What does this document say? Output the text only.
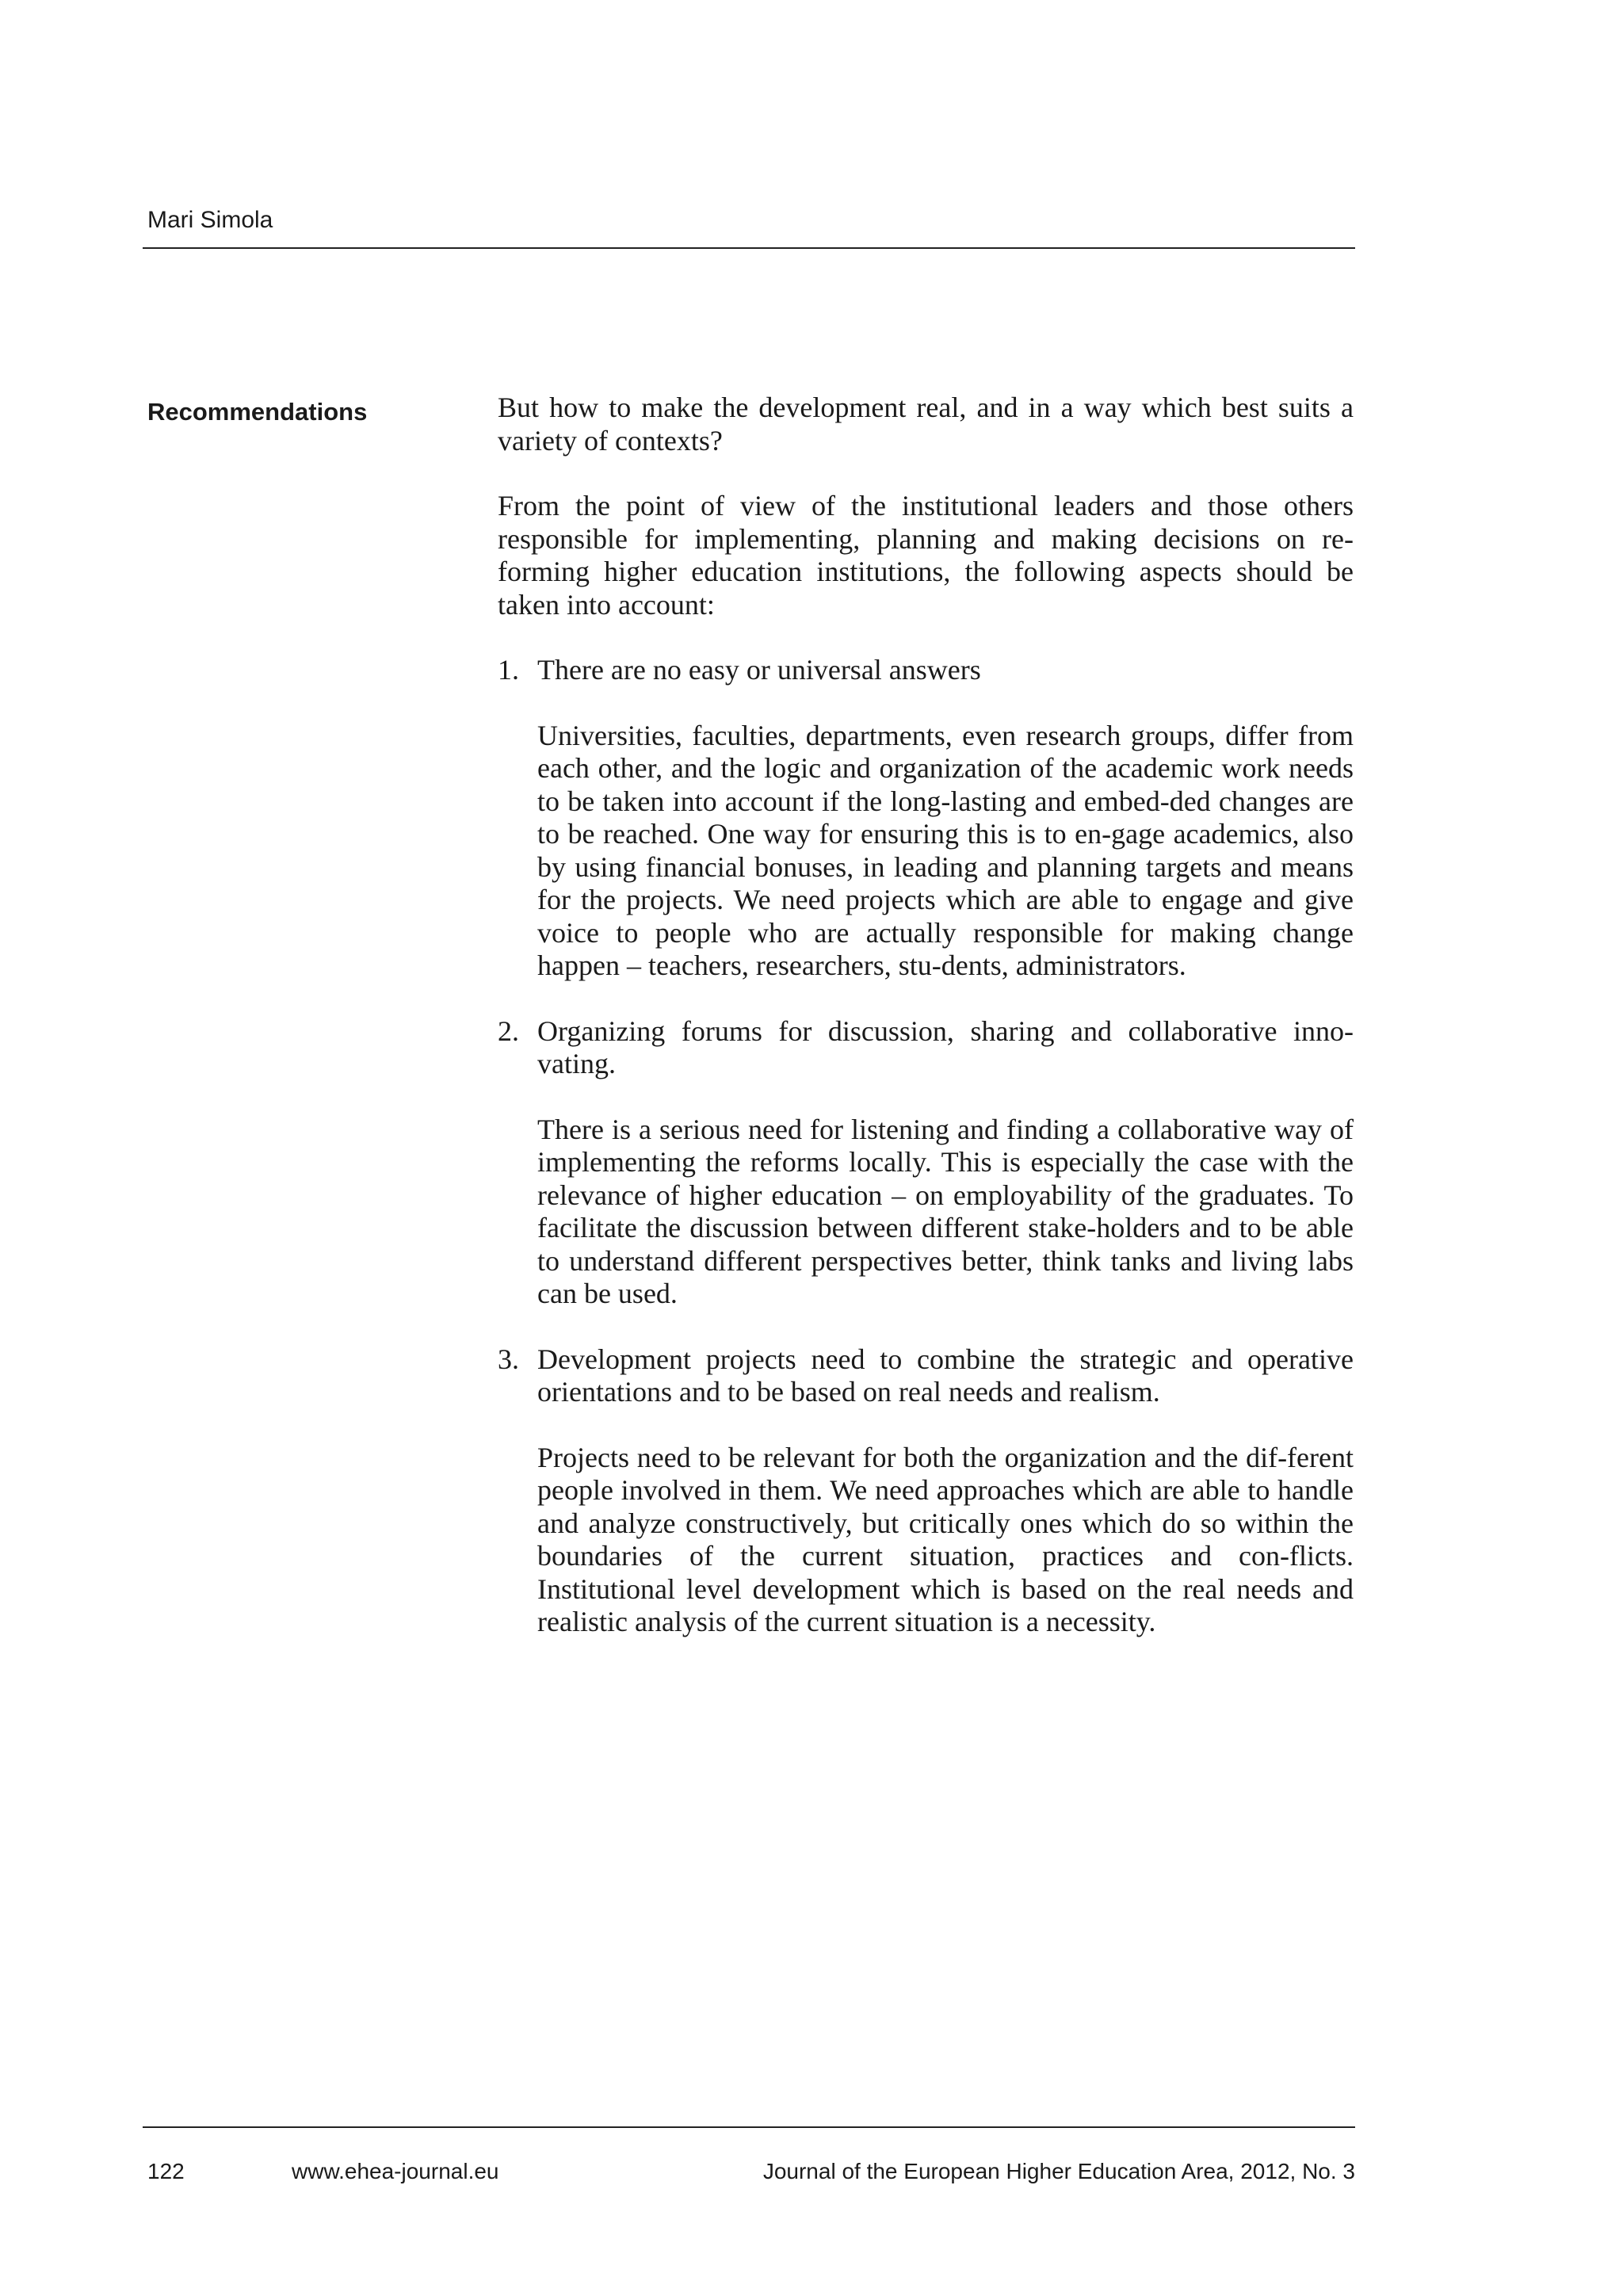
Mari Simola
Recommendations	But how to make the development real, and in a way which best suits a variety of contexts?

From the point of view of the institutional leaders and those others responsible for implementing, planning and making decisions on re-forming higher education institutions, the following aspects should be taken into account:

1. There are no easy or universal answers

Universities, faculties, departments, even research groups, differ from each other, and the logic and organization of the academic work needs to be taken into account if the long-lasting and embed-ded changes are to be reached. One way for ensuring this is to en-gage academics, also by using financial bonuses, in leading and planning targets and means for the projects. We need projects which are able to engage and give voice to people who are actually responsible for making change happen – teachers, researchers, stu-dents, administrators.

2. Organizing forums for discussion, sharing and collaborative inno-vating.

There is a serious need for listening and finding a collaborative way of implementing the reforms locally. This is especially the case with the relevance of higher education – on employability of the graduates. To facilitate the discussion between different stake-holders and to be able to understand different perspectives better, think tanks and living labs can be used.

3. Development projects need to combine the strategic and operative orientations and to be based on real needs and realism.

Projects need to be relevant for both the organization and the dif-ferent people involved in them. We need approaches which are able to handle and analyze constructively, but critically ones which do so within the boundaries of the current situation, practices and con-flicts. Institutional level development which is based on the real needs and realistic analysis of the current situation is a necessity.

122	www.ehea-journal.eu	Journal of the European Higher Education Area, 2012, No. 3
